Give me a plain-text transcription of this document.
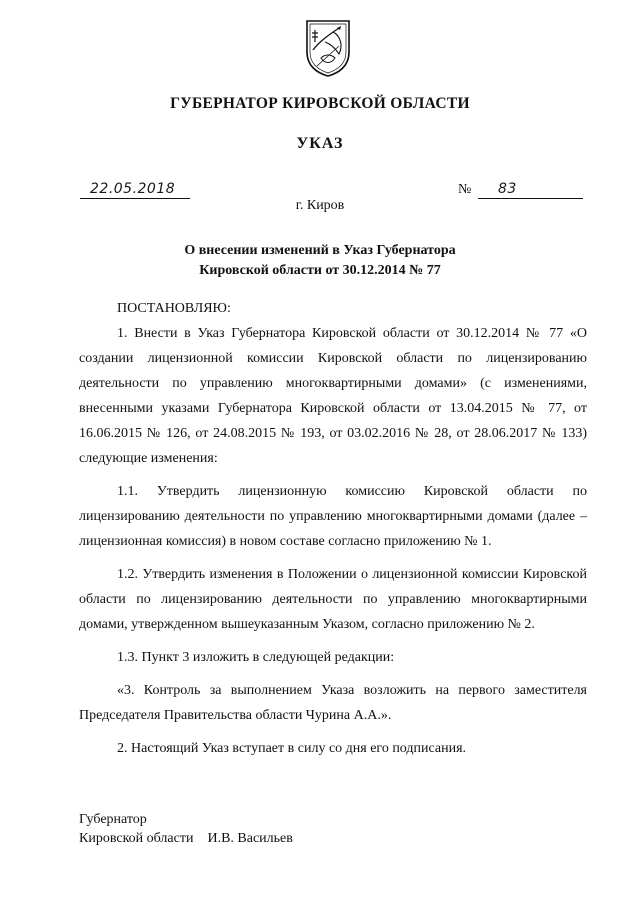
ГУБЕРНАТОР КИРОВСКОЙ ОБЛАСТИ
УКАЗ
22.05.2018	№ 83
г. Киров
О внесении изменений в Указ Губернатора
Кировской области от 30.12.2014 № 77

ПОСТАНОВЛЯЮ:

1. Внести в Указ Губернатора Кировской области от 30.12.2014 № 77 «О создании лицензионной комиссии Кировской области по лицензированию деятельности по управлению многоквартирными домами» (с изменениями, внесенными указами Губернатора Кировской области от 13.04.2015 № 77, от 16.06.2015 № 126, от 24.08.2015 № 193, от 03.02.2016 № 28, от 28.06.2017 № 133) следующие изменения:

1.1. Утвердить лицензионную комиссию Кировской области по лицензированию деятельности по управлению многоквартирными домами (далее – лицензионная комиссия) в новом составе согласно приложению № 1.

1.2. Утвердить изменения в Положении о лицензионной комиссии Кировской области по лицензированию деятельности по управлению многоквартирными домами, утвержденном вышеуказанным Указом, согласно приложению № 2.

1.3. Пункт 3 изложить в следующей редакции:

«3. Контроль за выполнением Указа возложить на первого заместителя Председателя Правительства области Чурина А.А.».

2. Настоящий Указ вступает в силу со дня его подписания.

Губернатор
Кировской области И.В. Васильев
